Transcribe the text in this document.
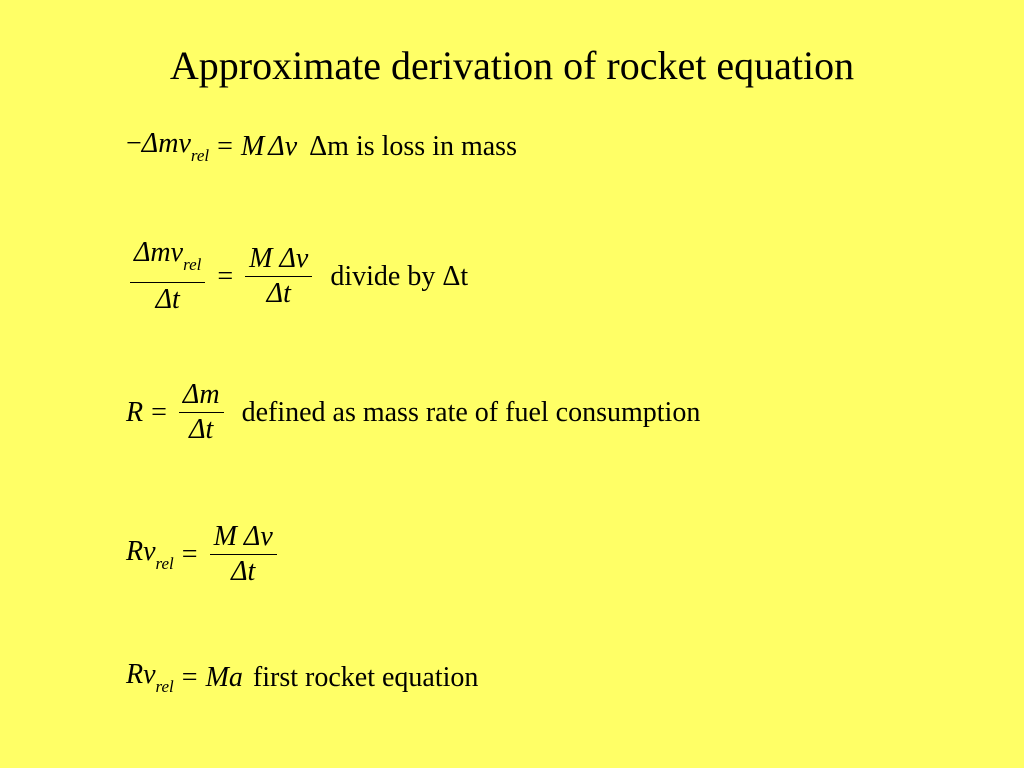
Approximate derivation of rocket equation
−Δmv$_{rel}$ = M Δv Δm is loss in mass
$\frac{\Delta mv_{rel}}{\Delta t} = \frac{\text{M Δv}}{\Delta t}$ divide by Δt
$R = \frac{\Delta m}{\Delta t}$ defined as mass rate of fuel consumption
$Rv_{rel} = \frac{\text{M Δv}}{\Delta t}$
$Rv_{rel} = Ma$ first rocket equation
